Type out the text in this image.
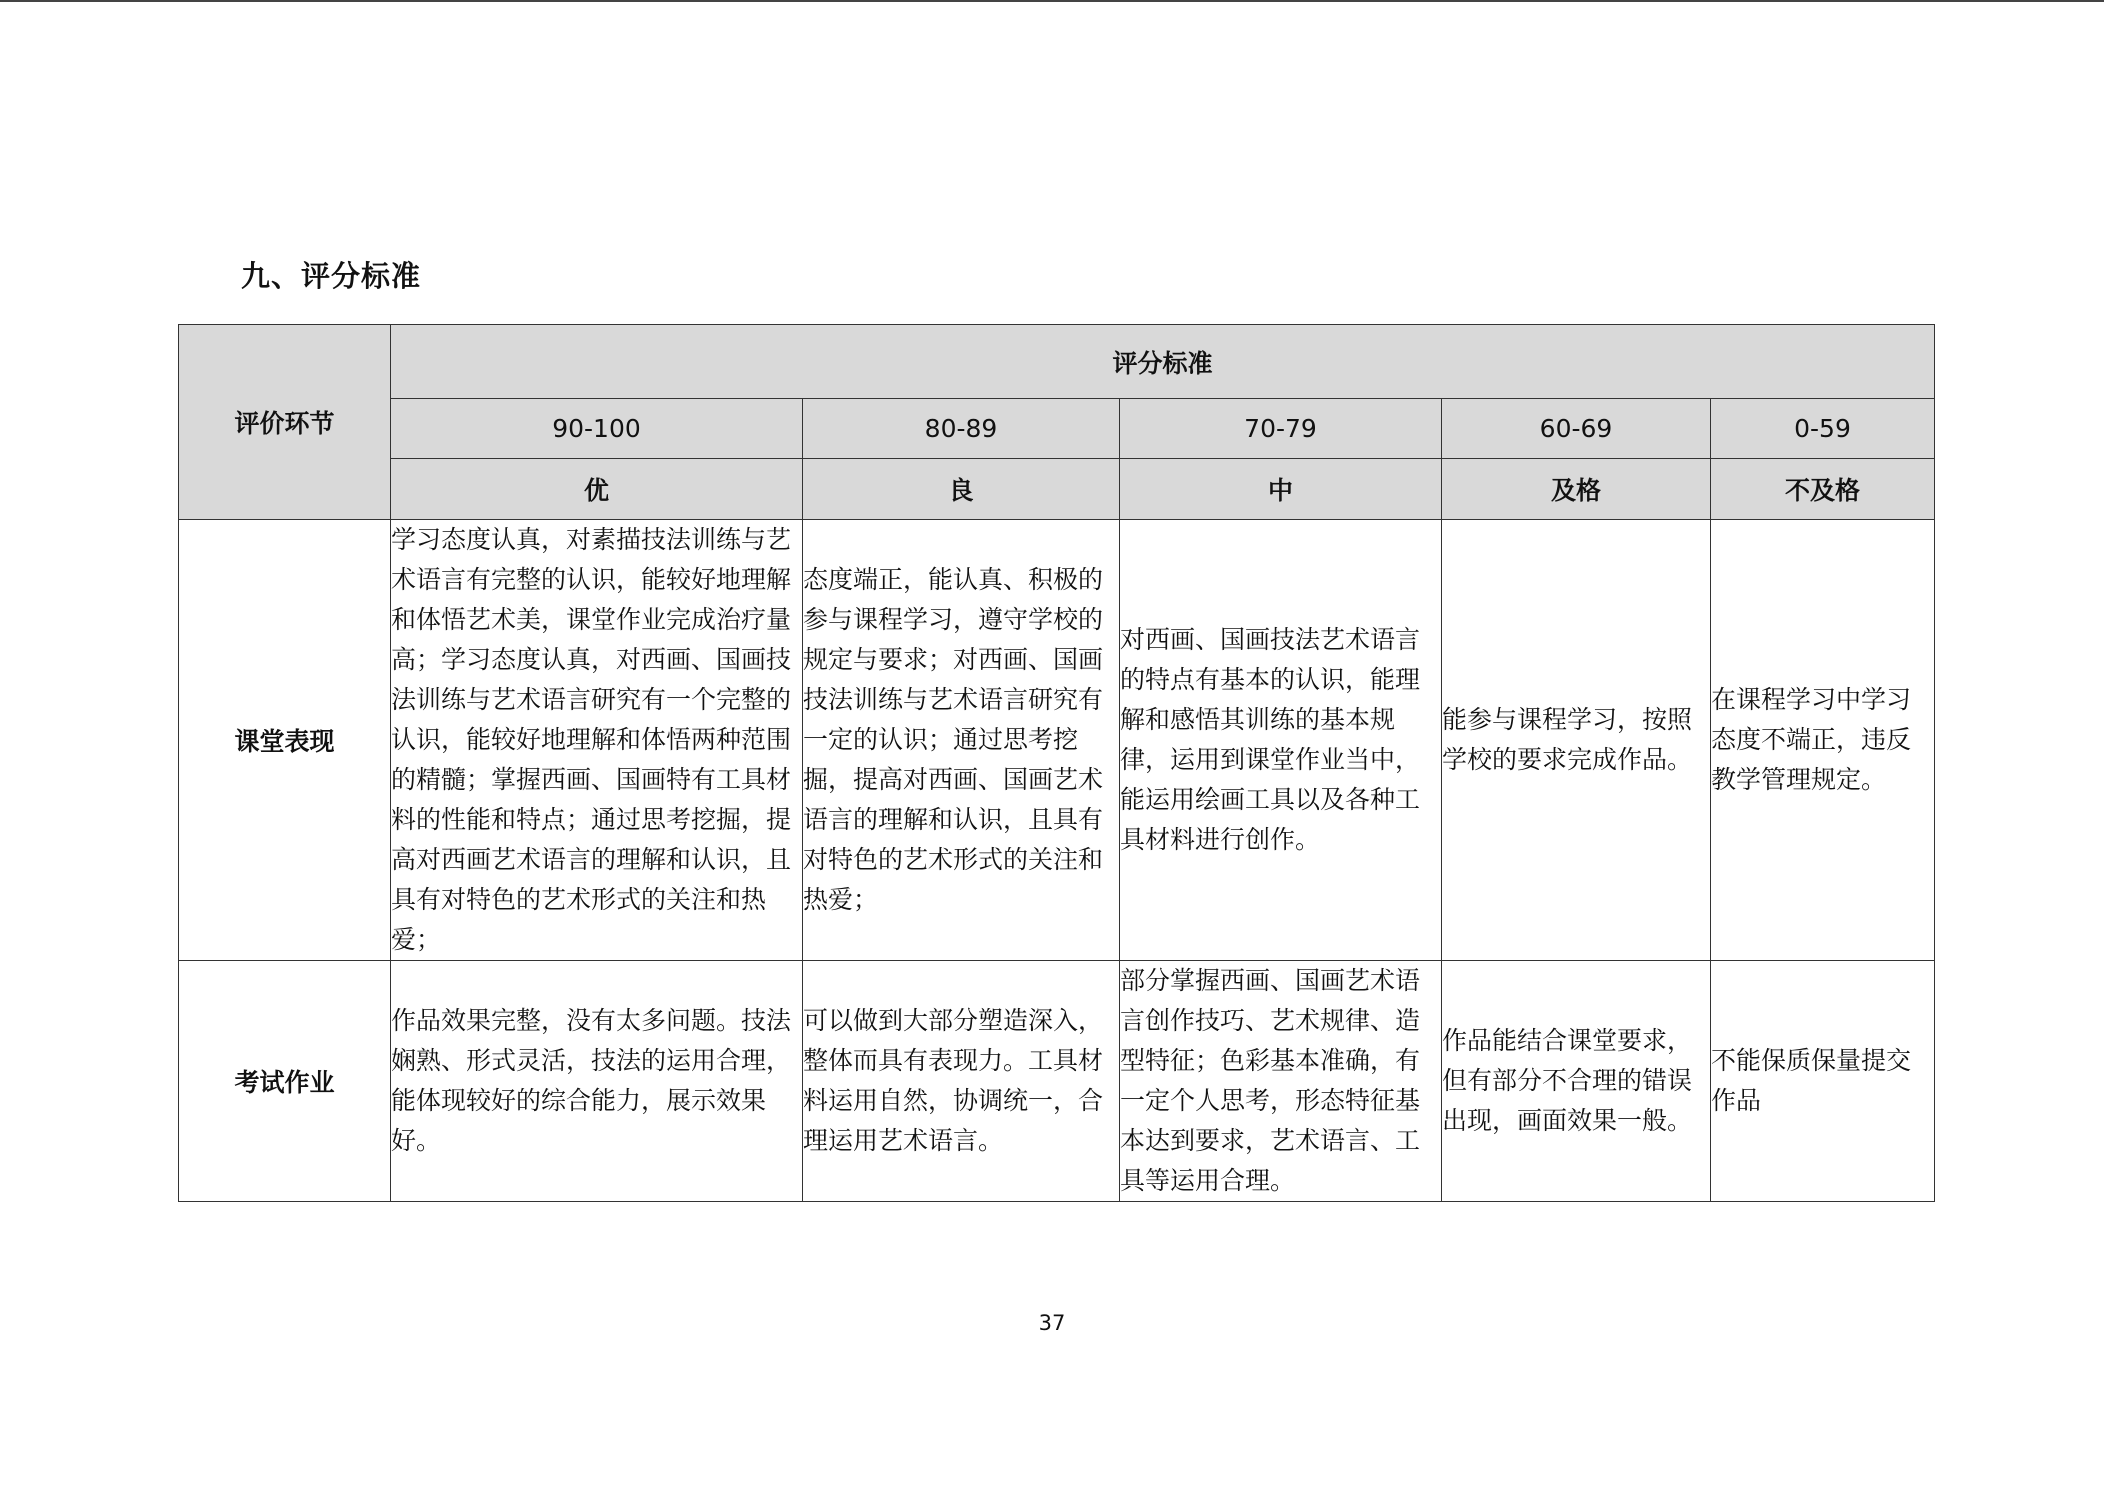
九、评分标准
评价环节	评分标准				
	90-100	80-89	70-79	60-69	0-59
	优	良	中	及格	不及格
课堂表现	学习态度认真，对素描技法训练与艺术语言有完整的认识，能较好地理解和体悟艺术美，课堂作业完成治疗量高；学习态度认真，对西画、国画技法训练与艺术语言研究有一个完整的认识，能较好地理解和体悟两种范围的精髓；掌握西画、国画特有工具材料的性能和特点；通过思考挖掘，提高对西画艺术语言的理解和认识，且具有对特色的艺术形式的关注和热爱；	态度端正，能认真、积极的参与课程学习，遵守学校的规定与要求；对西画、国画技法训练与艺术语言研究有一定的认识；通过思考挖掘，提高对西画、国画艺术语言的理解和认识，且具有对特色的艺术形式的关注和热爱；	对西画、国画技法艺术语言的特点有基本的认识，能理解和感悟其训练的基本规律，运用到课堂作业当中，能运用绘画工具以及各种工具材料进行创作。	能参与课程学习，按照学校的要求完成作品。	在课程学习中学习态度不端正，违反教学管理规定。
考试作业	作品效果完整，没有太多问题。技法娴熟、形式灵活，技法的运用合理， 能体现较好的综合能力，展示效果好。	可以做到大部分塑造深入，整体而具有表现力。工具材料运用自然，协调统一，合理运用艺术语言。	部分掌握西画、国画艺术语言创作技巧、艺术规律、造型特征；色彩基本准确，有一定个人思考，形态特征基本达到要求，艺术语言、工具等运用合理。	作品能结合课堂要求，但有部分不合理的错误出现，画面效果一般。	不能保质保量提交作品
37
